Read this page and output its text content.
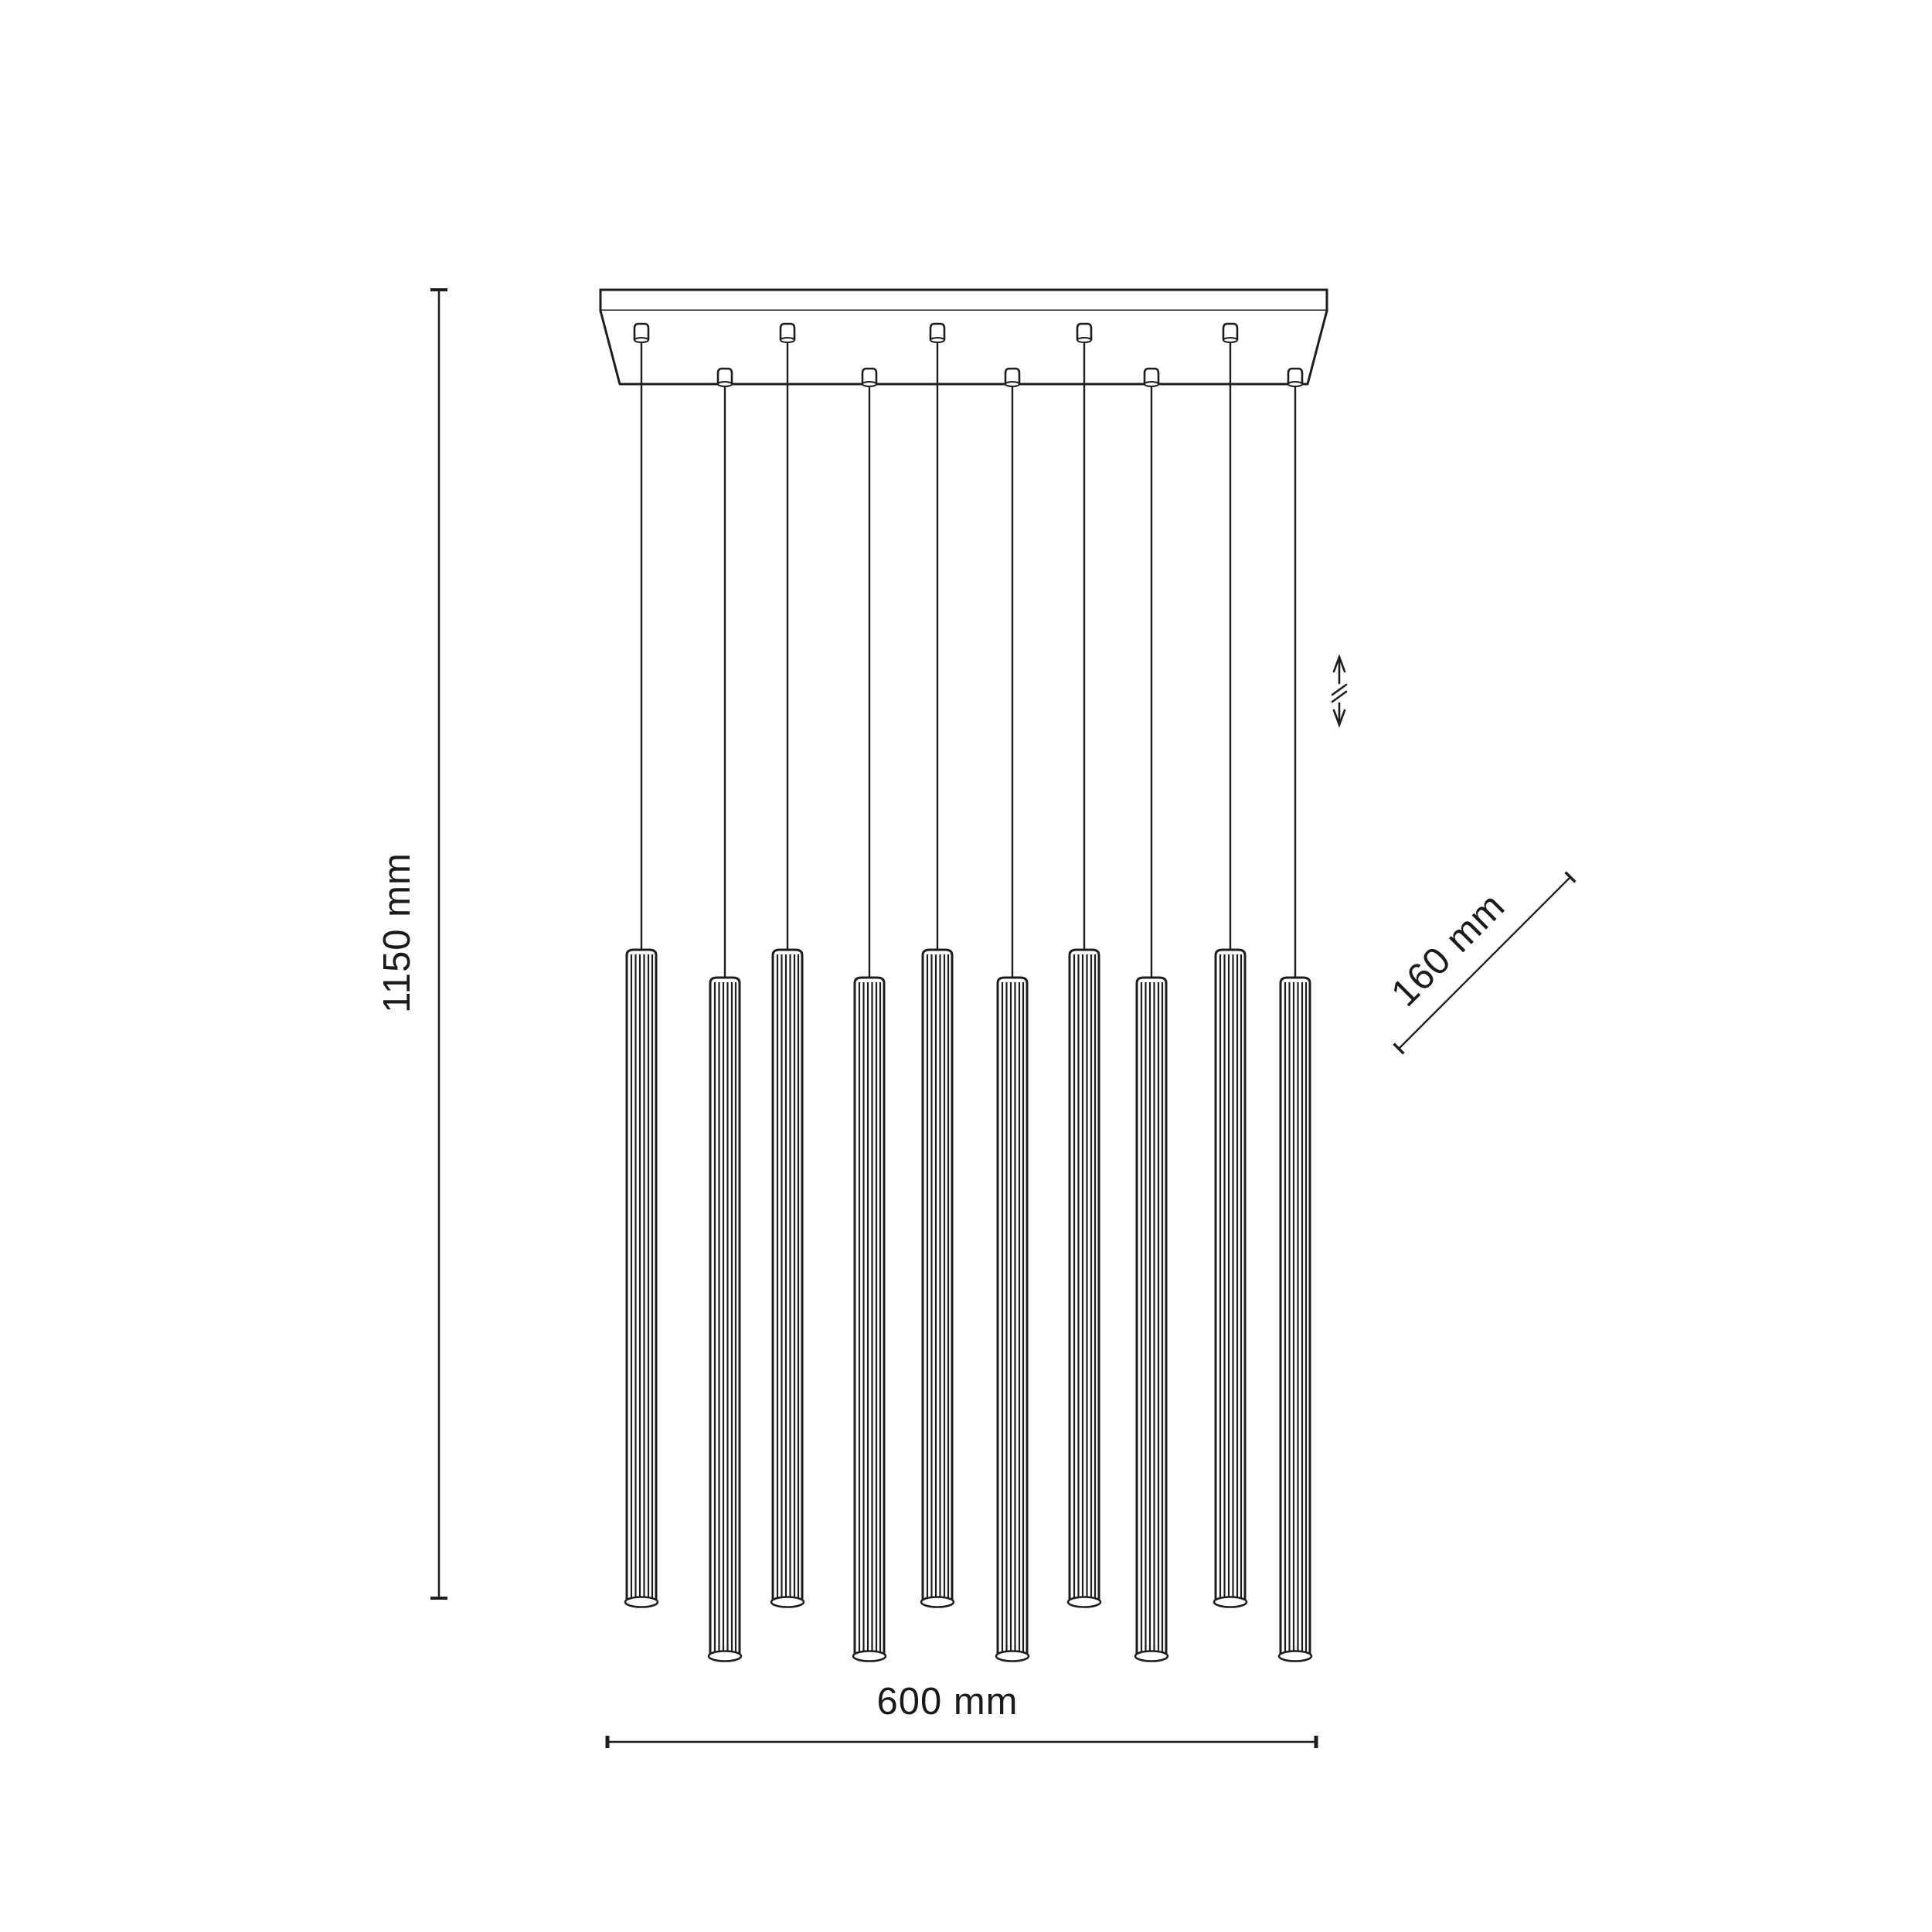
1150 mm
600 mm
160 mm
